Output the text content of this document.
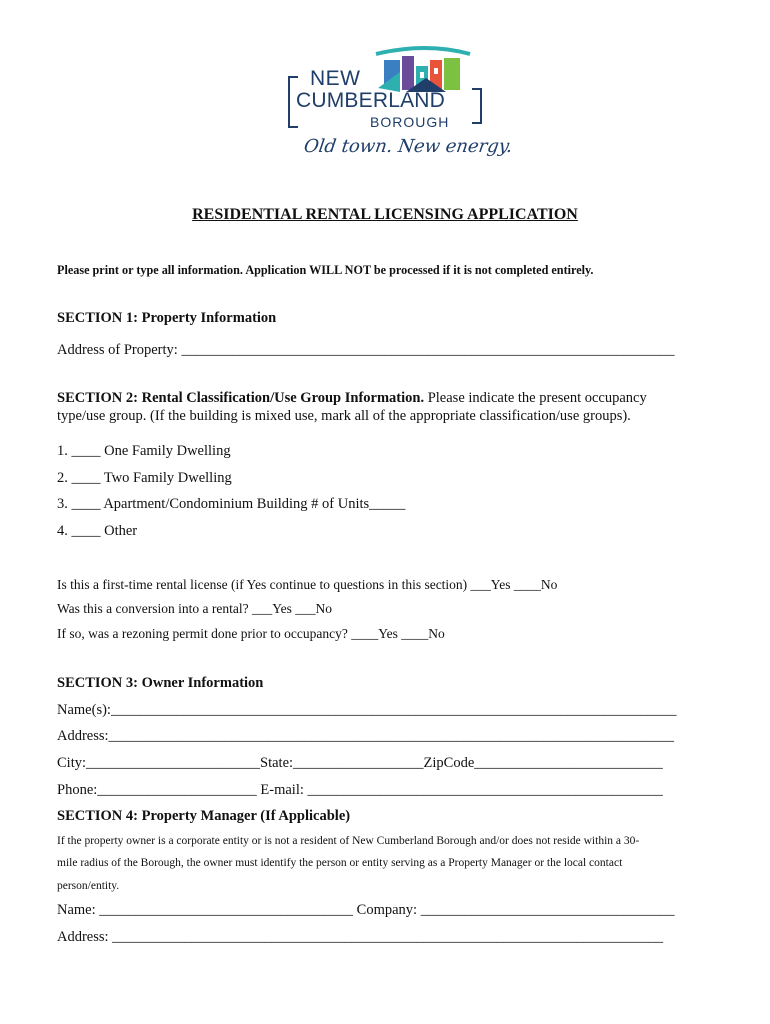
NEW
CUMBERLAND
BOROUGH
Old town. New energy.
RESIDENTIAL RENTAL LICENSING APPLICATION
Please print or type all information. Application WILL NOT be processed if it is not completed entirely.
SECTION 1: Property Information
Address of Property: ____________________________________________________________________
SECTION 2: Rental Classification/Use Group Information. Please indicate the present occupancy
type/use group. (If the building is mixed use, mark all of the appropriate classification/use groups).
1. ____ One Family Dwelling
2. ____ Two Family Dwelling
3. ____ Apartment/Condominium Building # of Units_____
4. ____ Other
Is this a first-time rental license (if Yes continue to questions in this section) ___Yes ____No
Was this a conversion into a rental? ___Yes ___No
If so, was a rezoning permit done prior to occupancy? ____Yes ____No
SECTION 3: Owner Information
Name(s):______________________________________________________________________________
Address:______________________________________________________________________________
City:________________________State:__________________ZipCode__________________________
Phone:______________________ E-mail: _________________________________________________
SECTION 4: Property Manager (If Applicable)
If the property owner is a corporate entity or is not a resident of New Cumberland Borough and/or does not reside within a 30-
mile radius of the Borough, the owner must identify the person or entity serving as a Property Manager or the local contact
person/entity.
Name: ___________________________________ Company: ___________________________________
Address: ____________________________________________________________________________
